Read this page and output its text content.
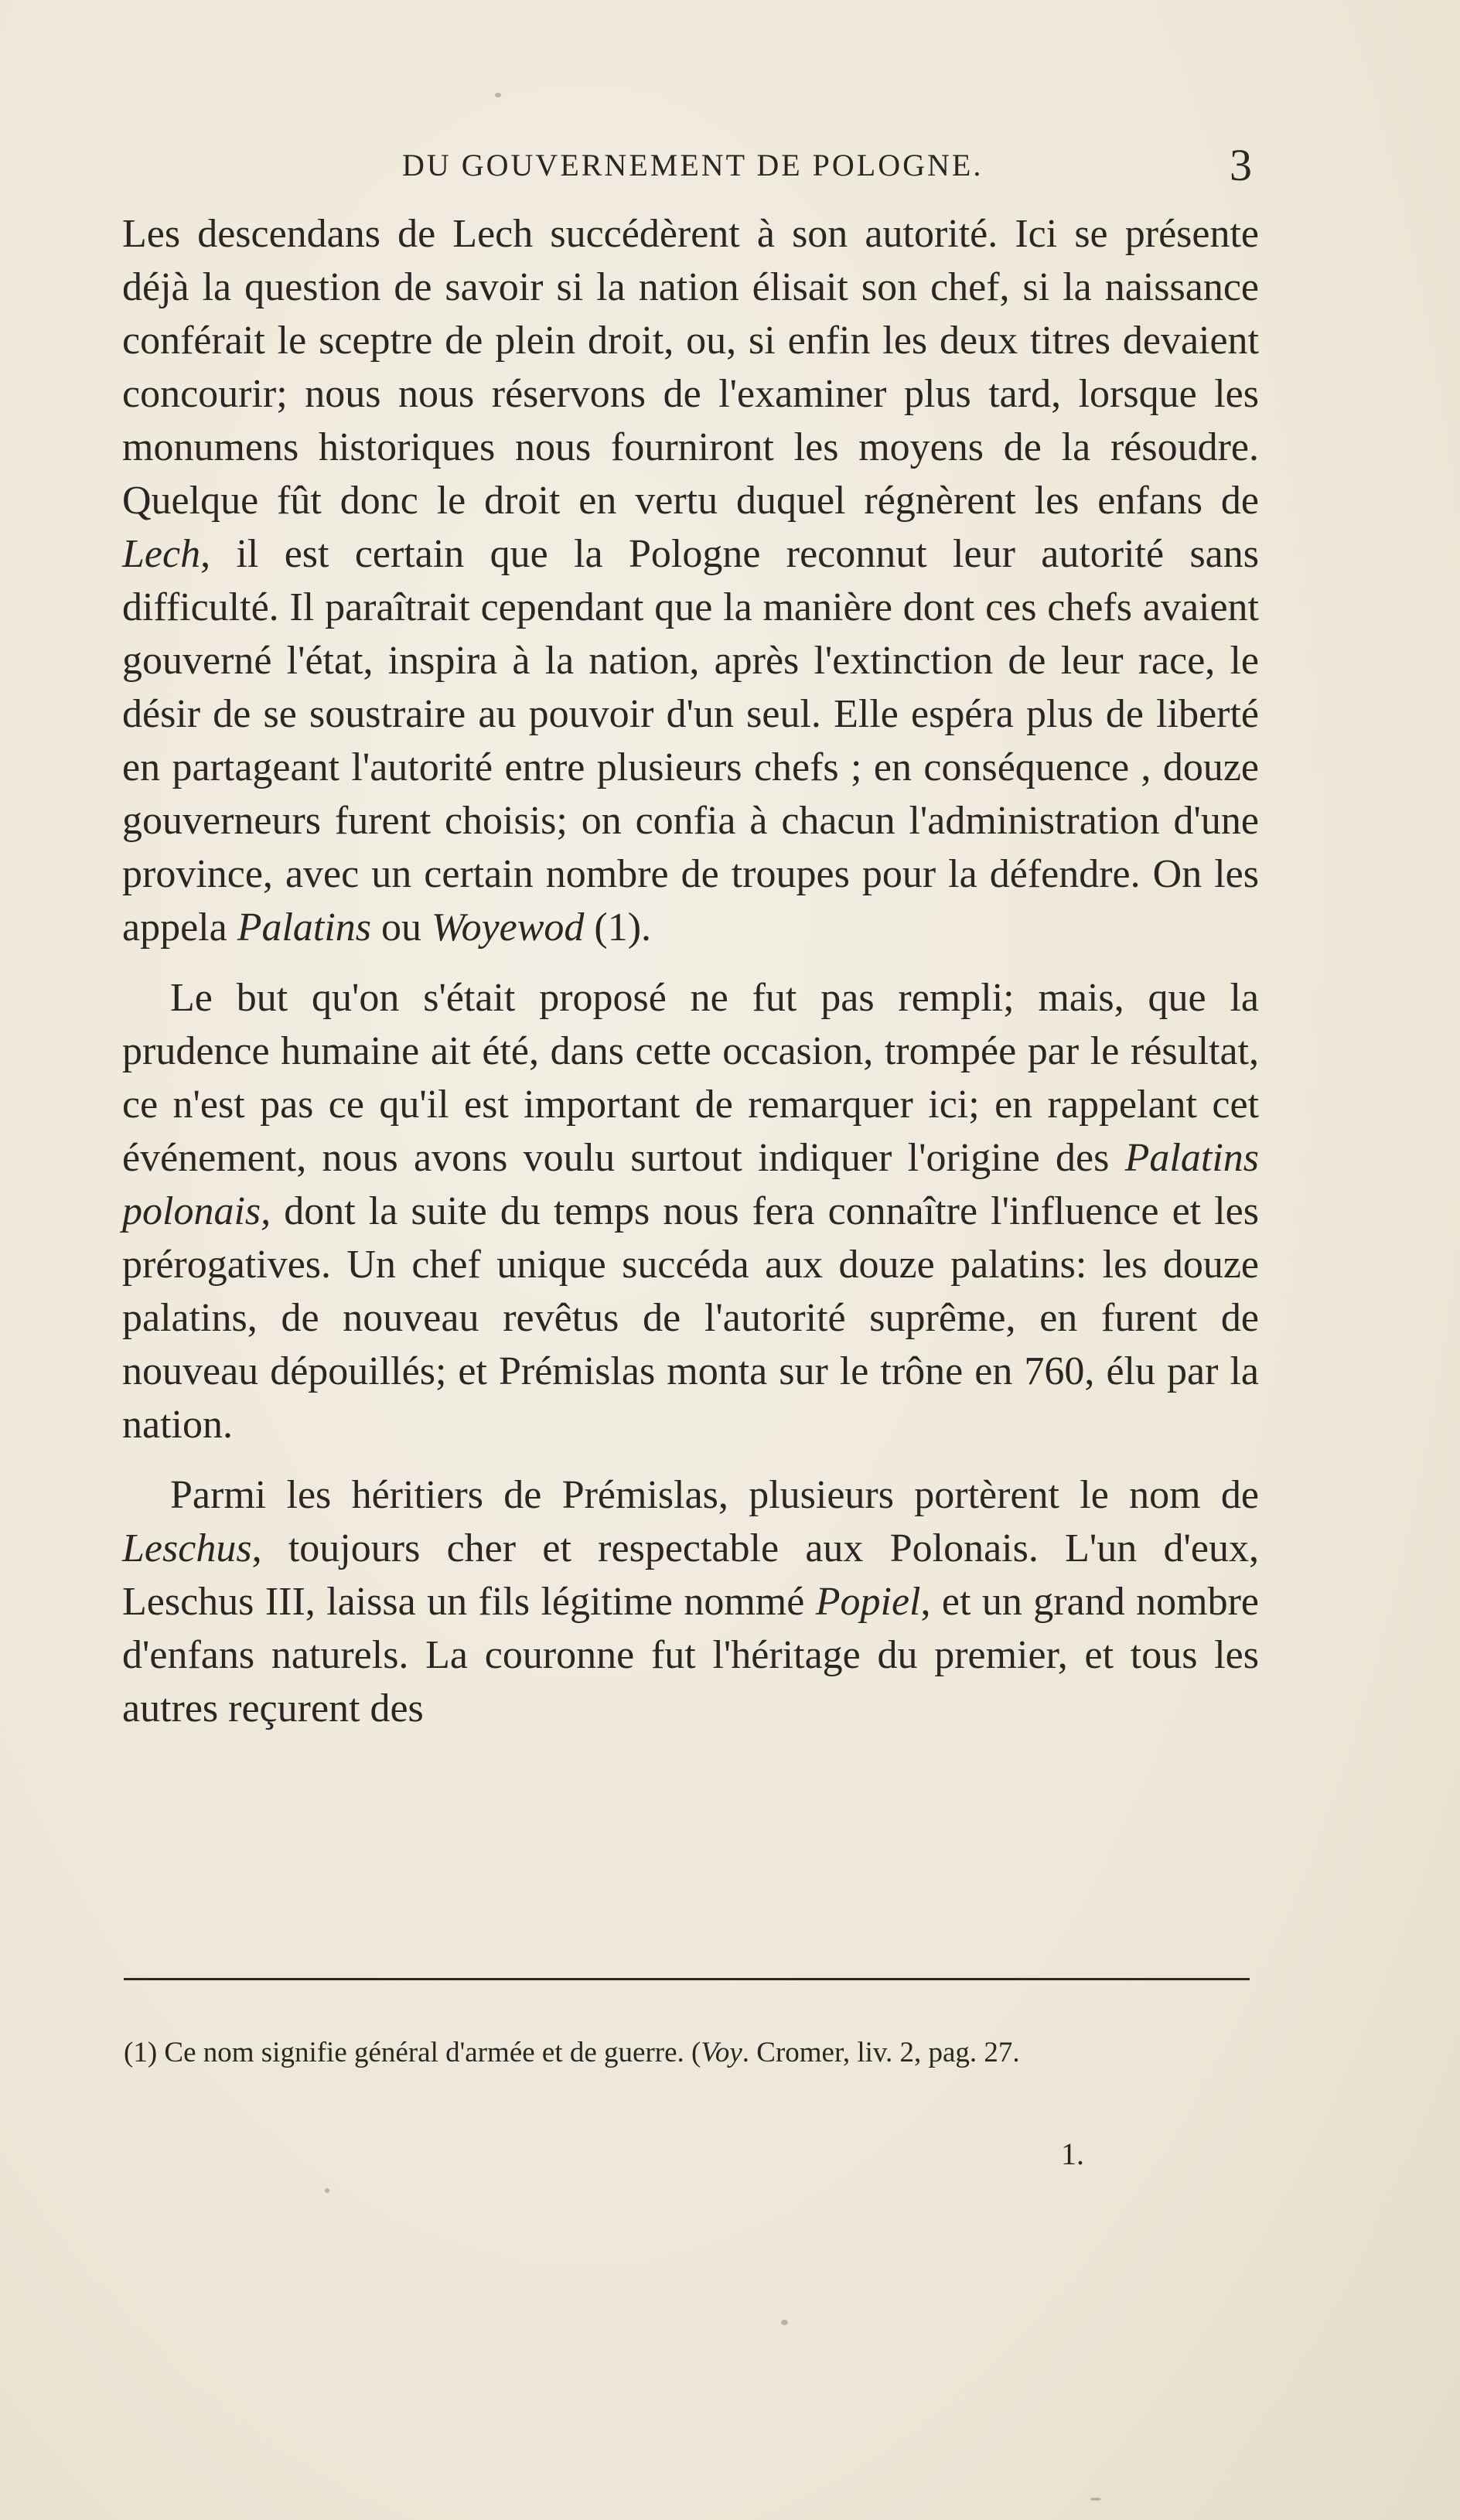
DU GOUVERNEMENT DE POLOGNE.	3

Les descendans de Lech succédèrent à son autorité. Ici se présente déjà la question de savoir si la nation élisait son chef, si la naissance conférait le sceptre de plein droit, ou, si enfin les deux titres devaient concourir; nous nous réservons de l'examiner plus tard, lorsque les monumens historiques nous fourniront les moyens de la résoudre. Quelque fût donc le droit en vertu duquel régnèrent les enfans de Lech, il est certain que la Pologne reconnut leur autorité sans difficulté. Il paraîtrait cependant que la manière dont ces chefs avaient gouverné l'état, inspira à la nation, après l'extinction de leur race, le désir de se soustraire au pouvoir d'un seul. Elle espéra plus de liberté en partageant l'autorité entre plusieurs chefs ; en conséquence , douze gouverneurs furent choisis; on confia à chacun l'administration d'une province, avec un certain nombre de troupes pour la défendre. On les appela Palatins ou Woyewod (1).

Le but qu'on s'était proposé ne fut pas rempli; mais, que la prudence humaine ait été, dans cette occasion, trompée par le résultat, ce n'est pas ce qu'il est important de remarquer ici; en rappelant cet événement, nous avons voulu surtout indiquer l'origine des Palatins polonais, dont la suite du temps nous fera connaître l'influence et les prérogatives. Un chef unique succéda aux douze palatins: les douze palatins, de nouveau revêtus de l'autorité suprême, en furent de nouveau dépouillés; et Prémislas monta sur le trône en 760, élu par la nation.

Parmi les héritiers de Prémislas, plusieurs portèrent le nom de Leschus, toujours cher et respectable aux Polonais. L'un d'eux, Leschus III, laissa un fils légitime nommé Popiel, et un grand nombre d'enfans naturels. La couronne fut l'héritage du premier, et tous les autres reçurent des

(1) Ce nom signifie général d'armée et de guerre. (Voy. Cromer, liv. 2, pag. 27.
1.
